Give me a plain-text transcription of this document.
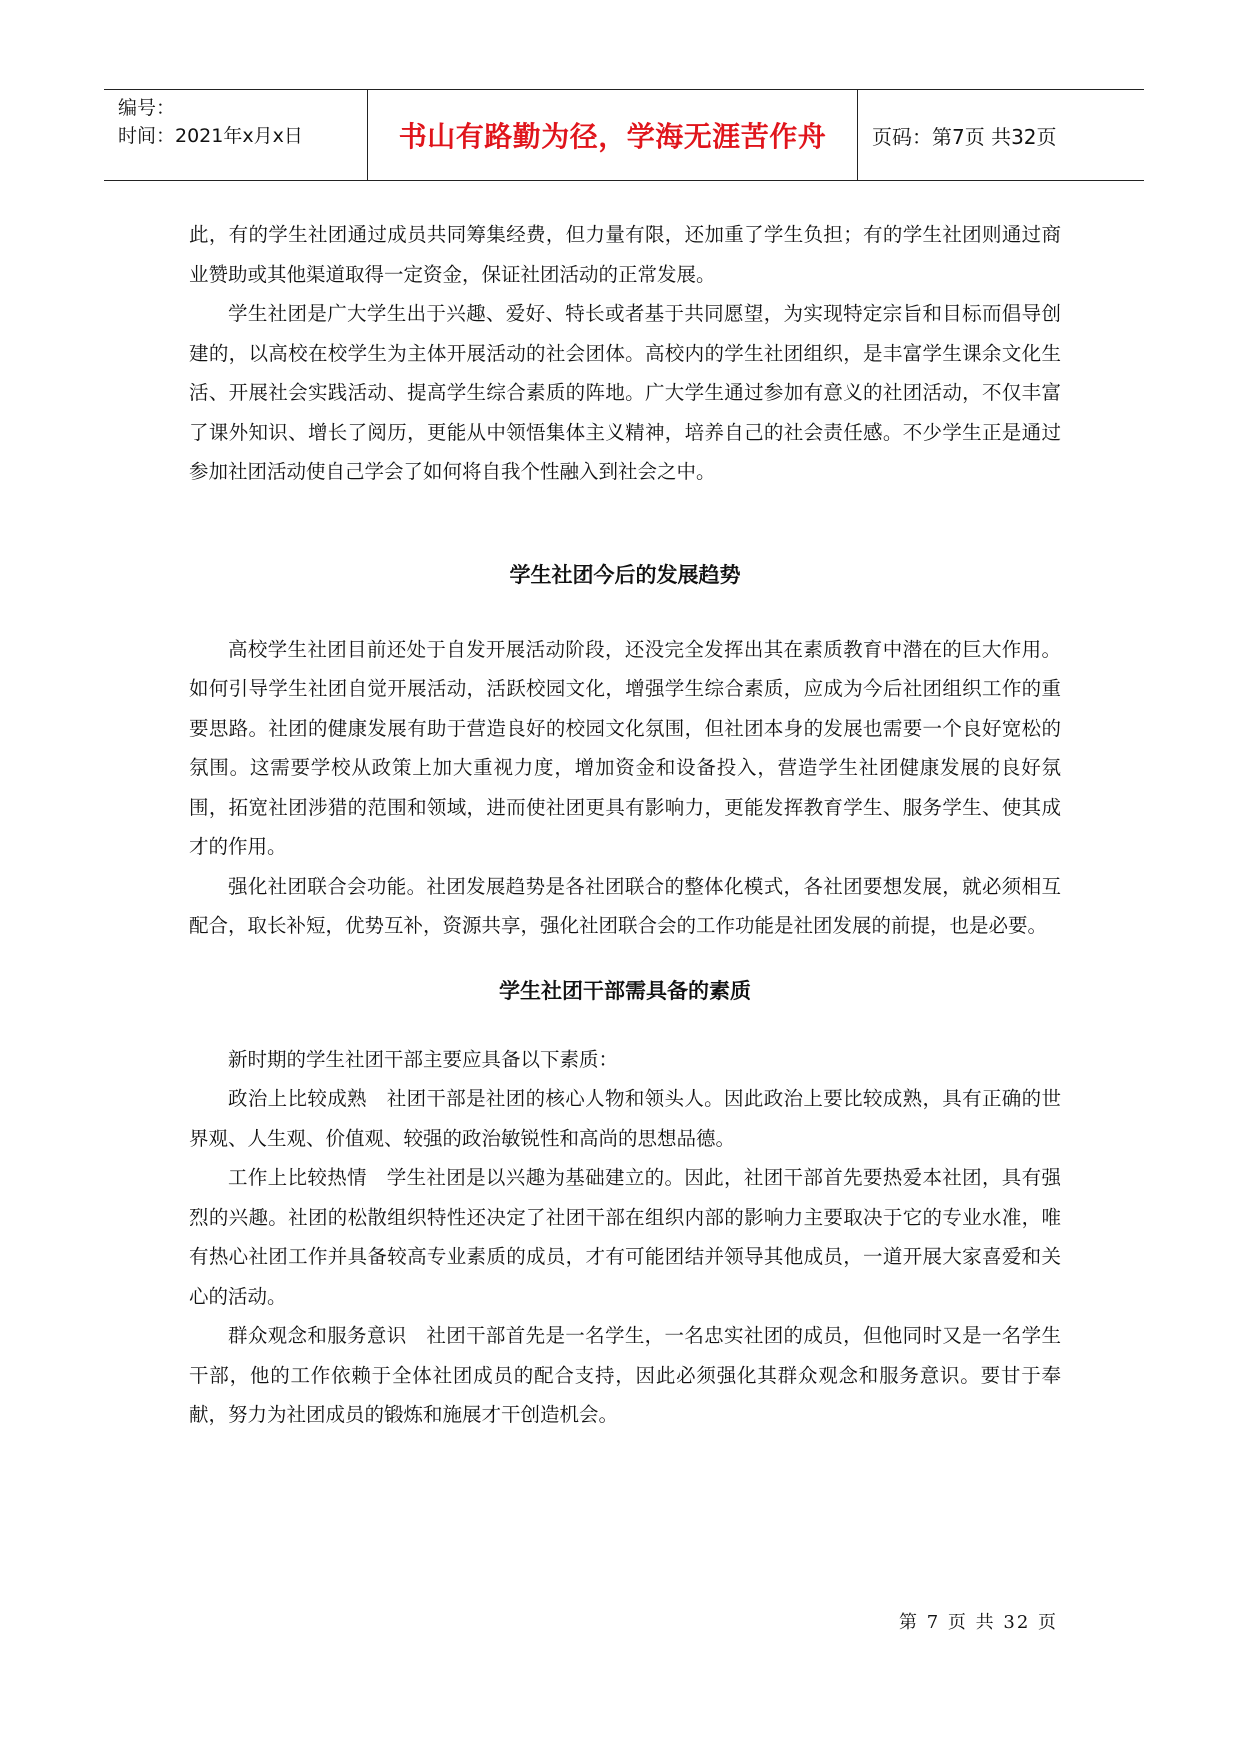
编号：
时间：2021年x月x日	书山有路勤为径，学海无涯苦作舟 页码：第7页 共32页

此，有的学生社团通过成员共同筹集经费，但力量有限，还加重了学生负担；有的学生社团则通过商业赞助或其他渠道取得一定资金，保证社团活动的正常发展。

学生社团是广大学生出于兴趣、爱好、特长或者基于共同愿望，为实现特定宗旨和目标而倡导创建的，以高校在校学生为主体开展活动的社会团体。高校内的学生社团组织，是丰富学生课余文化生活、开展社会实践活动、提高学生综合素质的阵地。广大学生通过参加有意义的社团活动，不仅丰富了课外知识、增长了阅历，更能从中领悟集体主义精神，培养自己的社会责任感。不少学生正是通过参加社团活动使自己学会了如何将自我个性融入到社会之中。

学生社团今后的发展趋势

高校学生社团目前还处于自发开展活动阶段，还没完全发挥出其在素质教育中潜在的巨大作用。如何引导学生社团自觉开展活动，活跃校园文化，增强学生综合素质，应成为今后社团组织工作的重要思路。社团的健康发展有助于营造良好的校园文化氛围，但社团本身的发展也需要一个良好宽松的氛围。这需要学校从政策上加大重视力度，增加资金和设备投入，营造学生社团健康发展的良好氛围，拓宽社团涉猎的范围和领域，进而使社团更具有影响力，更能发挥教育学生、服务学生、使其成才的作用。

强化社团联合会功能。社团发展趋势是各社团联合的整体化模式，各社团要想发展，就必须相互配合，取长补短，优势互补，资源共享，强化社团联合会的工作功能是社团发展的前提，也是必要。

学生社团干部需具备的素质

新时期的学生社团干部主要应具备以下素质：

政治上比较成熟　社团干部是社团的核心人物和领头人。因此政治上要比较成熟，具有正确的世界观、人生观、价值观、较强的政治敏锐性和高尚的思想品德。

工作上比较热情　学生社团是以兴趣为基础建立的。因此，社团干部首先要热爱本社团，具有强烈的兴趣。社团的松散组织特性还决定了社团干部在组织内部的影响力主要取决于它的专业水准，唯有热心社团工作并具备较高专业素质的成员，才有可能团结并领导其他成员，一道开展大家喜爱和关心的活动。

群众观念和服务意识　社团干部首先是一名学生，一名忠实社团的成员，但他同时又是一名学生干部，他的工作依赖于全体社团成员的配合支持，因此必须强化其群众观念和服务意识。要甘于奉献，努力为社团成员的锻炼和施展才干创造机会。

第 7 页 共 32 页
